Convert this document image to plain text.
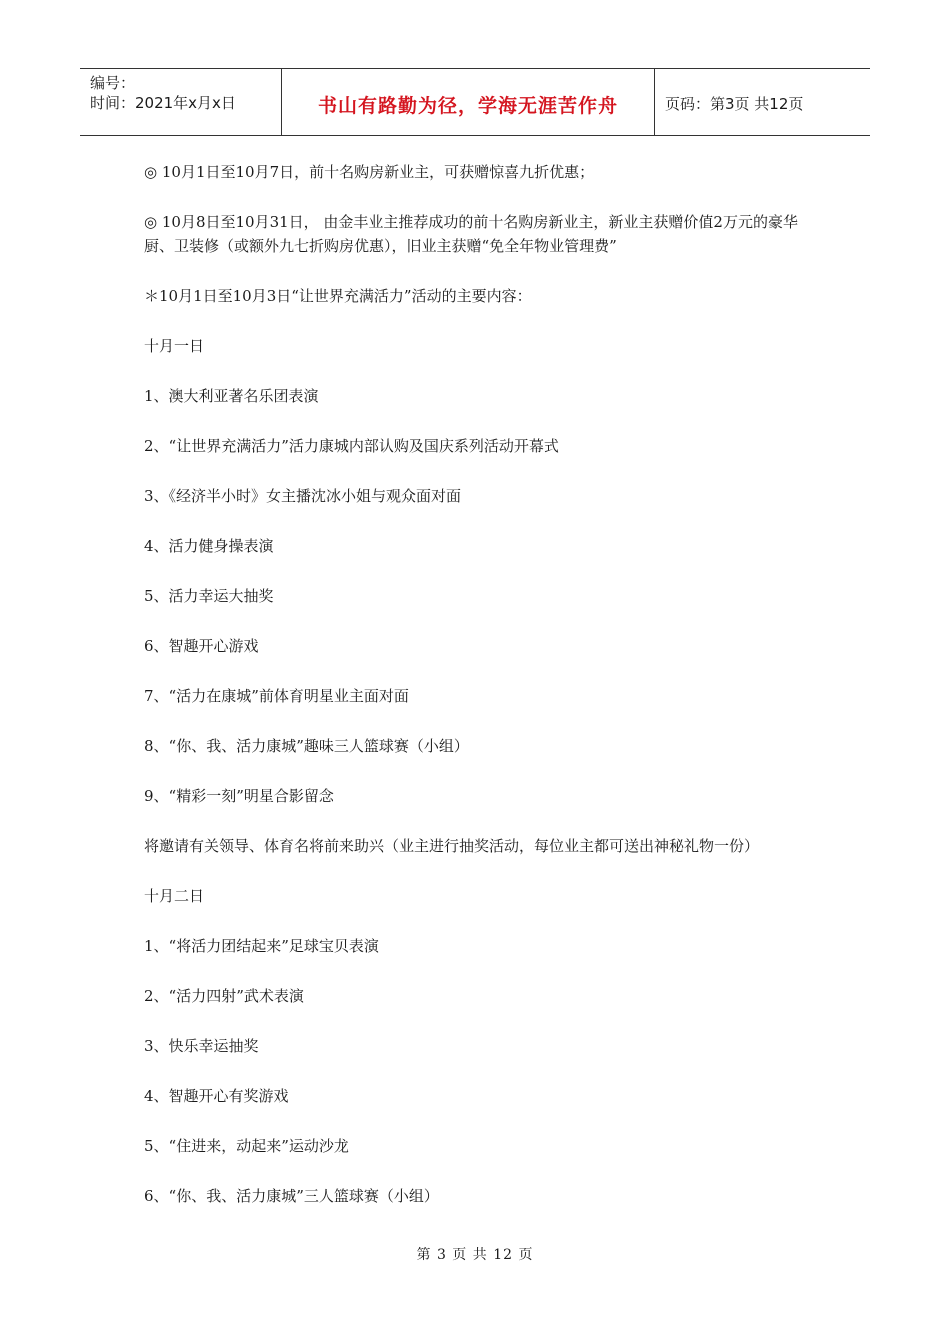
编号：
时间：2021年x月x日	书山有路勤为径，学海无涯苦作舟	页码：第3页 共12页

◎ 10月1日至10月7日，前十名购房新业主，可获赠惊喜九折优惠；

◎ 10月8日至10月31日， 由金丰业主推荐成功的前十名购房新业主，新业主获赠价值2万元的豪华厨、卫装修（或额外九七折购房优惠），旧业主获赠“免全年物业管理费”

＊10月1日至10月3日“让世界充满活力”活动的主要内容：

十月一日

1、澳大利亚著名乐团表演

2、“让世界充满活力”活力康城内部认购及国庆系列活动开幕式

3、《经济半小时》女主播沈冰小姐与观众面对面

4、活力健身操表演

5、活力幸运大抽奖

6、智趣开心游戏

7、“活力在康城”前体育明星业主面对面

8、“你、我、活力康城”趣味三人篮球赛（小组）

9、“精彩一刻”明星合影留念

将邀请有关领导、体育名将前来助兴（业主进行抽奖活动，每位业主都可送出神秘礼物一份）

十月二日

1、“将活力团结起来”足球宝贝表演

2、“活力四射”武术表演

3、快乐幸运抽奖

4、智趣开心有奖游戏

5、“住进来，动起来”运动沙龙

6、“你、我、活力康城”三人篮球赛（小组）

第 3 页 共 12 页
